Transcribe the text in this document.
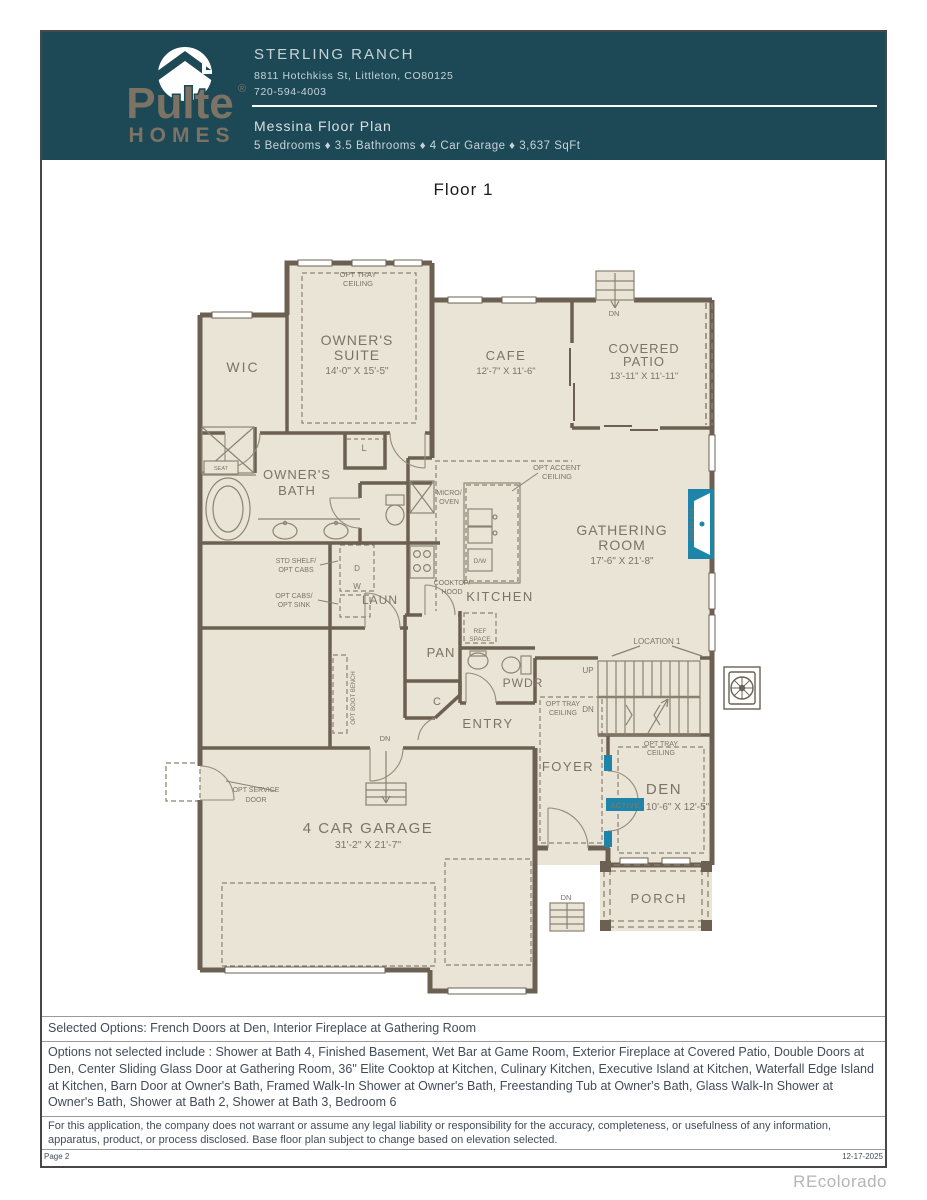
Pulte ®
HOMES
STERLING RANCH
8811 Hotchkiss St, Littleton, CO80125
720-594-4003
Messina Floor Plan
5 Bedrooms ♦ 3.5 Bathrooms ♦ 4 Car Garage ♦ 3,637 SqFt
Floor 1
FIREPLACE
ACTIVE
OPT TRAY
CEILING
OWNER'S
SUITE
14'-0" X 15'-5"
WIC
CAFE
12'-7" X 11'-6"
COVERED
PATIO
13'-11" X 11'-11"
DN
OWNER'S
BATH
SEAT
L
GATHERING
ROOM
17'-6" X 21'-8"
OPT ACCENT
CEILING
MICRO/
OVEN
STD SHELF/
OPT CABS
OPT CABS/
OPT SINK
D
W
LAUN
COOKTOP/
HOOD KITCHEN
D/W
PAN
REF
SPACE
PWDR
C
ENTRY
DN
OPT BOOT BENCH
UP
DN
LOCATION 1
OPT TRAY
CEILING
FOYER
OPT TRAY
CEILING
DEN
10'-6" X 12'-5"
4 CAR GARAGE
31'-2" X 21'-7"
OPT SERVICE
DOOR
PORCH
DN
Selected Options: French Doors at Den, Interior Fireplace at Gathering Room
Options not selected include : Shower at Bath 4, Finished Basement, Wet Bar at Game Room, Exterior Fireplace at Covered Patio, Double Doors at Den, Center Sliding Glass Door at Gathering Room, 36" Elite Cooktop at Kitchen, Culinary Kitchen, Executive Island at Kitchen, Waterfall Edge Island at Kitchen, Barn Door at Owner's Bath, Framed Walk-In Shower at Owner's Bath, Freestanding Tub at Owner's Bath, Glass Walk-In Shower at Owner's Bath, Shower at Bath 2, Shower at Bath 3, Bedroom 6
For this application, the company does not warrant or assume any legal liability or responsibility for the accuracy, completeness, or usefulness of any information, apparatus, product, or process disclosed. Base floor plan subject to change based on elevation selected.
Page 2	12-17-2025
REcolorado
